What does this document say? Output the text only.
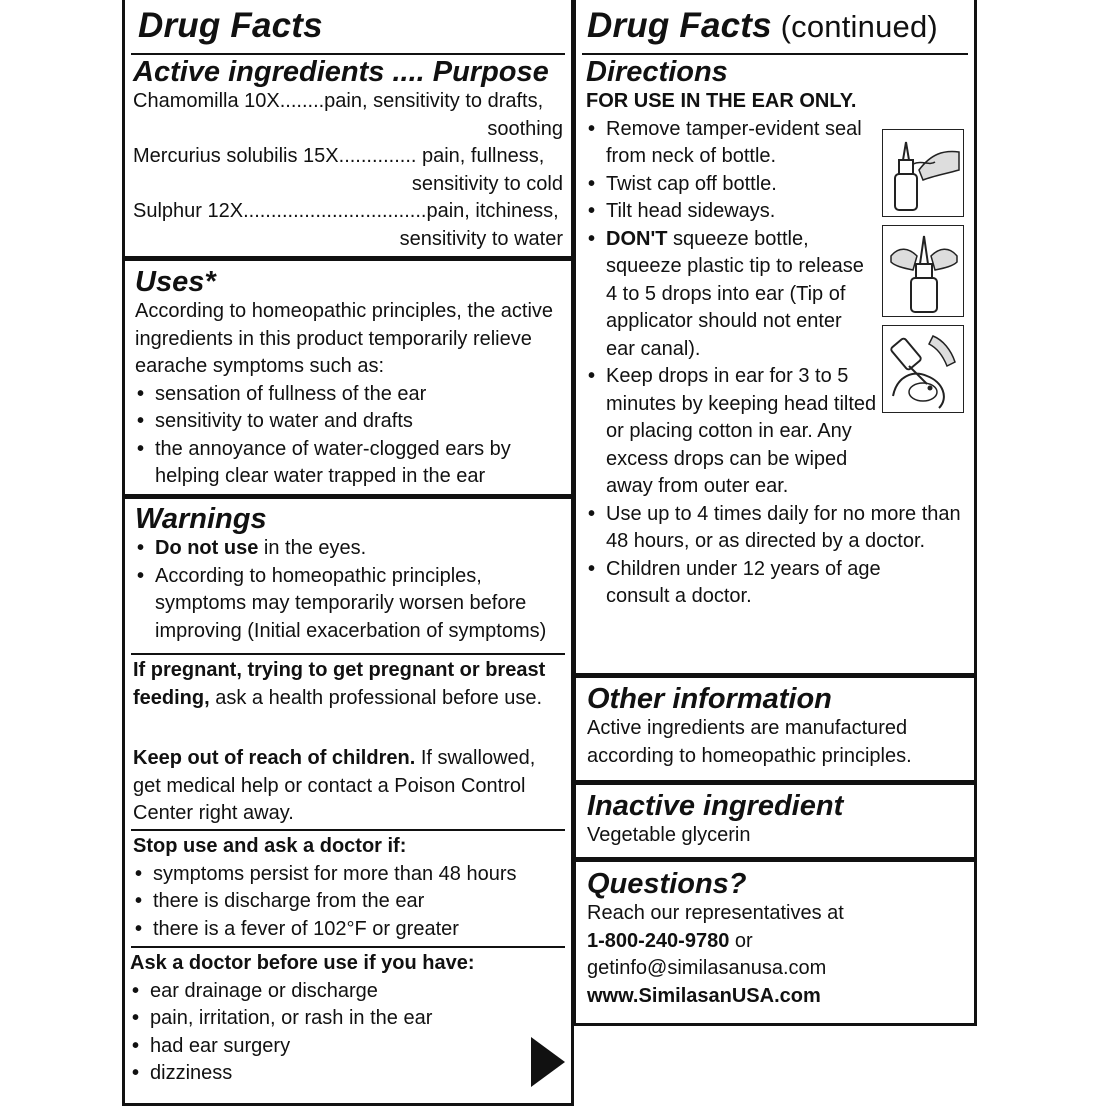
Drug Facts
Active ingredients .... Purpose
Chamomilla 10X........pain, sensitivity to drafts,
soothing
Mercurius solubilis 15X.............. pain, fullness,
sensitivity to cold
Sulphur 12X.................................pain, itchiness,
sensitivity to water
Uses*
According to homeopathic principles, the active ingredients in this product temporarily relieve earache symptoms such as:
• sensation of fullness of the ear
• sensitivity to water and drafts
• the annoyance of water-clogged ears by helping clear water trapped in the ear
Warnings
• Do not use in the eyes.
• According to homeopathic principles, symptoms may temporarily worsen before improving (Initial exacerbation of symptoms)
If pregnant, trying to get pregnant or breast feeding, ask a health professional before use.
Keep out of reach of children. If swallowed, get medical help or contact a Poison Control Center right away.
Stop use and ask a doctor if:
• symptoms persist for more than 48 hours
• there is discharge from the ear
• there is a fever of 102°F or greater
Ask a doctor before use if you have:
• ear drainage or discharge
• pain, irritation, or rash in the ear
• had ear surgery
• dizziness
Drug Facts (continued)
Directions
FOR USE IN THE EAR ONLY.
• Remove tamper-evident seal from neck of bottle.
• Twist cap off bottle.
• Tilt head sideways.
• DON'T squeeze bottle, squeeze plastic tip to release 4 to 5 drops into ear (Tip of applicator should not enter ear canal).
• Keep drops in ear for 3 to 5 minutes by keeping head tilted or placing cotton in ear. Any excess drops can be wiped away from outer ear.
• Use up to 4 times daily for no more than 48 hours, or as directed by a doctor.
• Children under 12 years of age consult a doctor.
Other information
Active ingredients are manufactured according to homeopathic principles.
Inactive ingredient
Vegetable glycerin
Questions?
Reach our representatives at
1-800-240-9780 or
getinfo@similasanusa.com
www.SimilasanUSA.com
